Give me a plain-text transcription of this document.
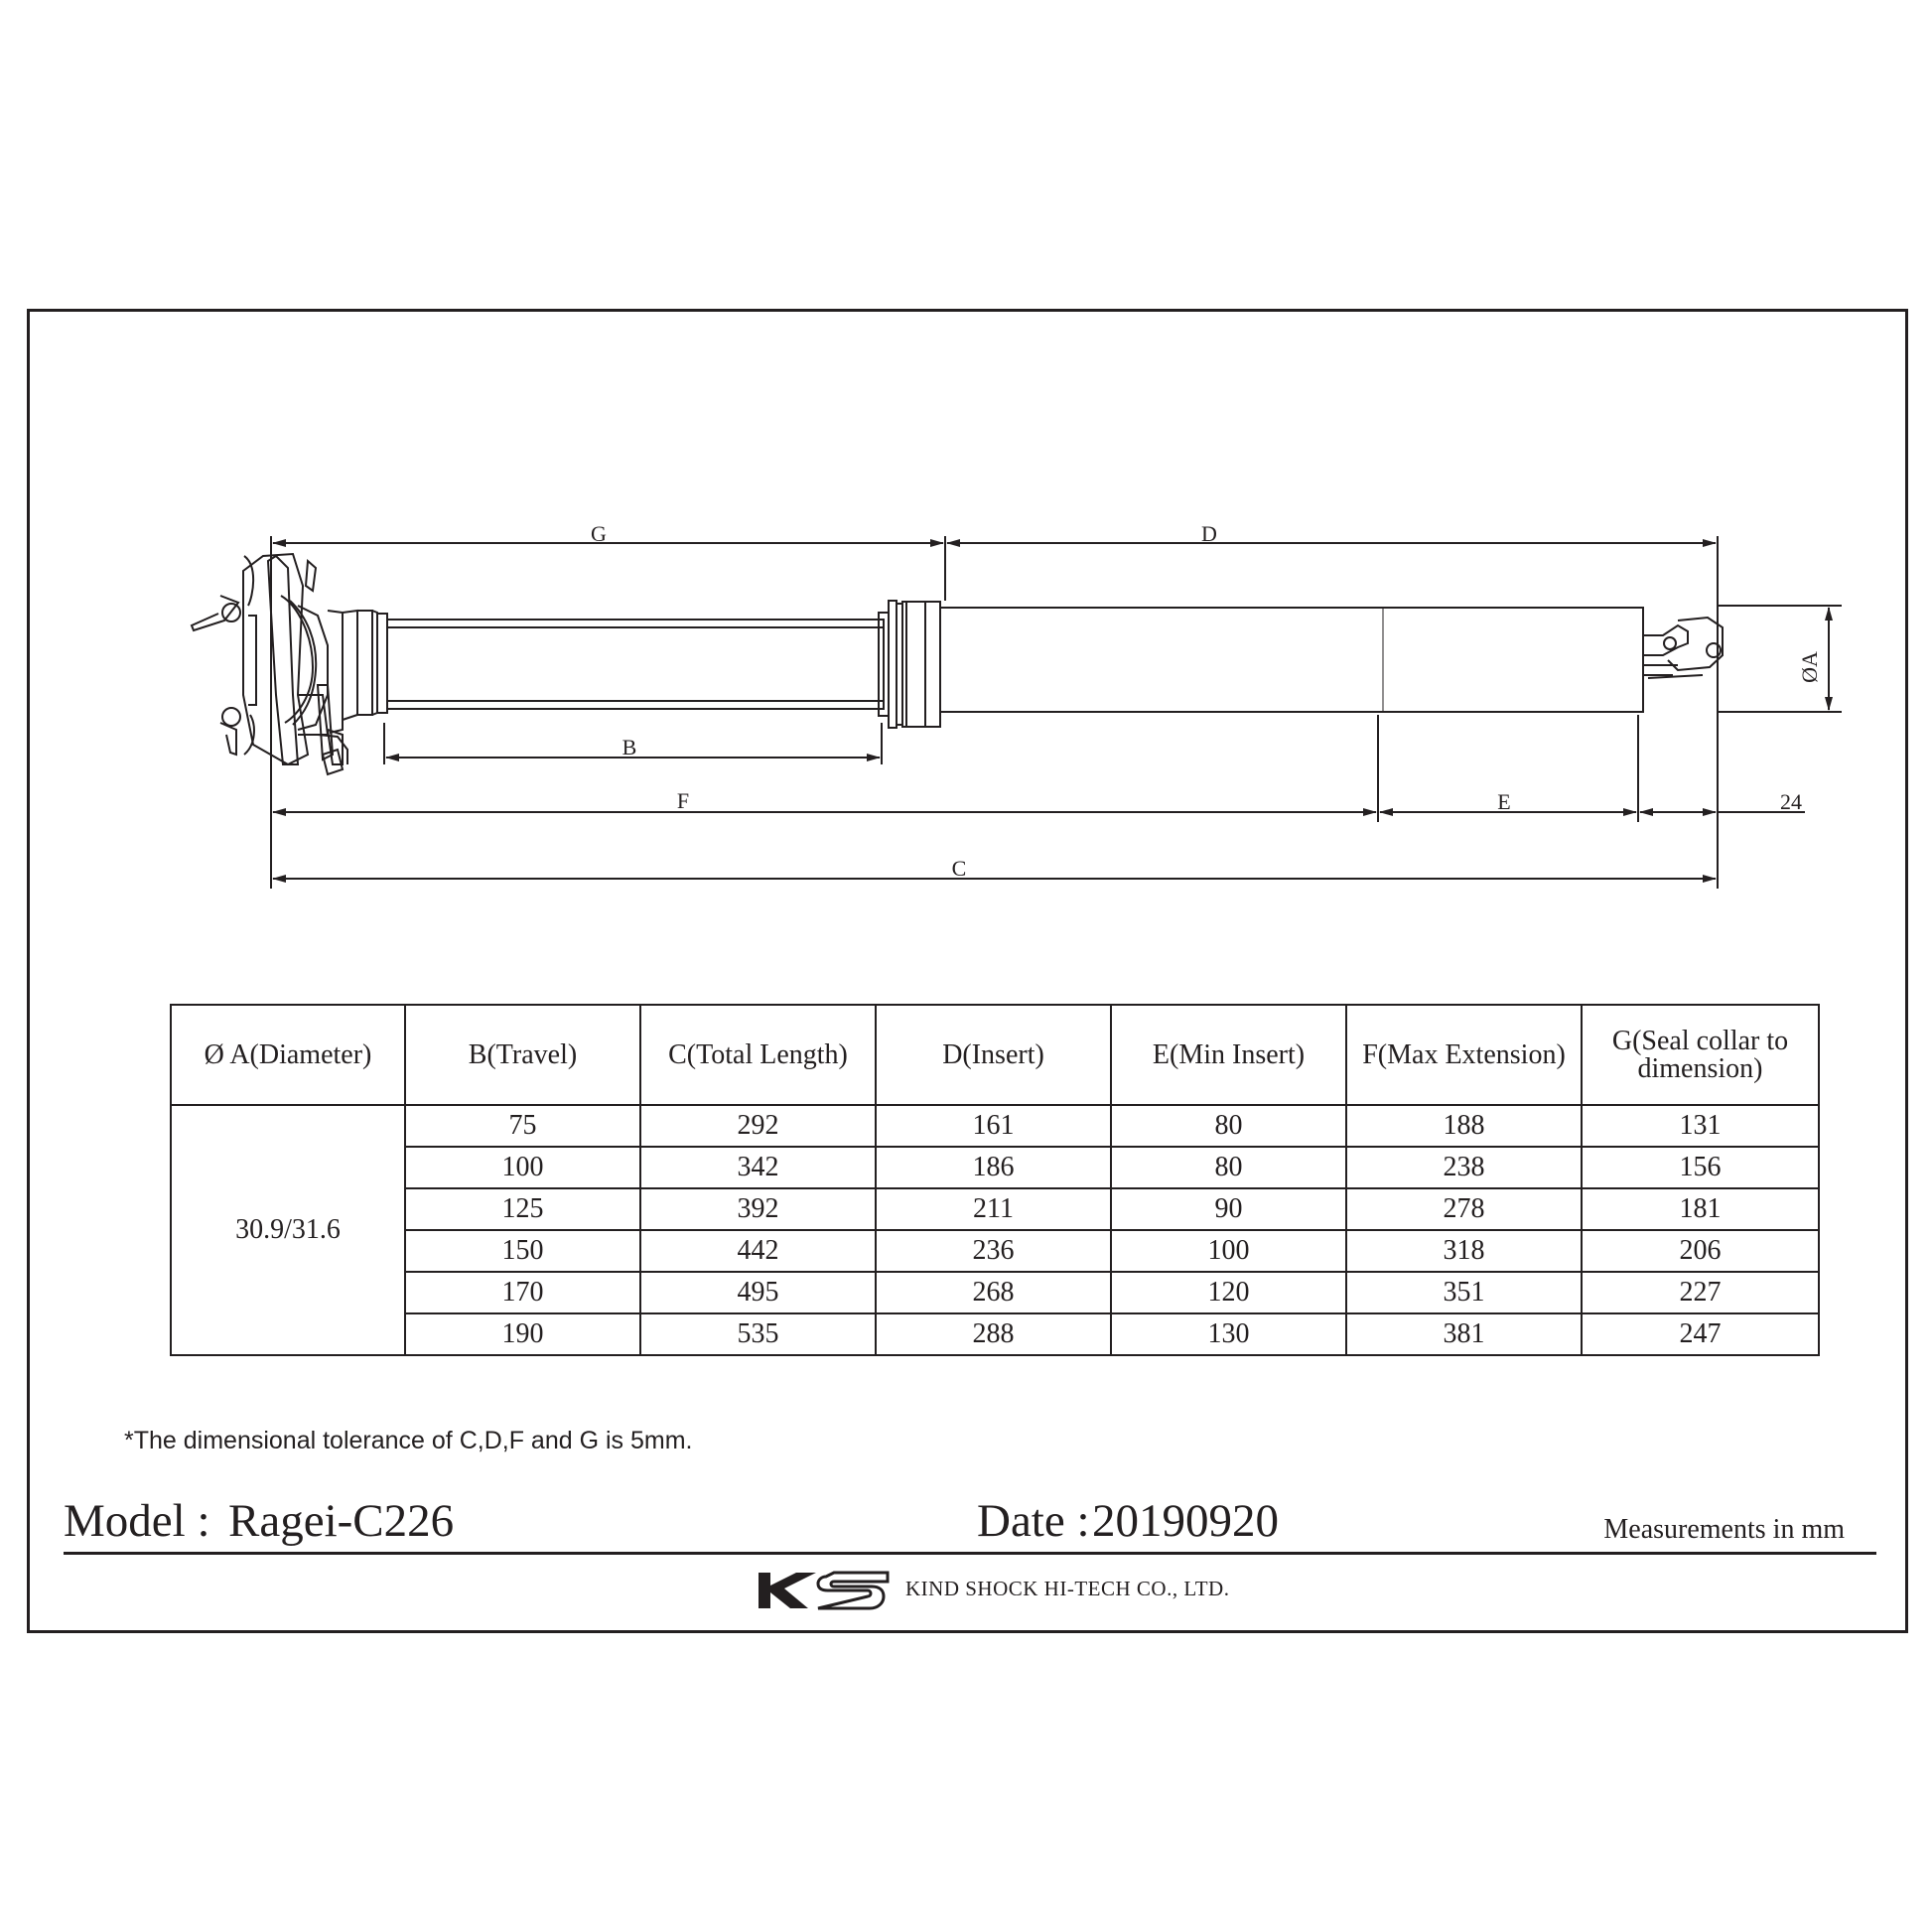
G	D
B
F	E	24
C
ØA
Ø A(Diameter)	B(Travel)	C(Total Length)	D(Insert)	E(Min Insert)	F(Max Extension)	G(Seal collar to dimension)
30.9/31.6	75	292	161	80	188	131
	100	342	186	80	238	156
	125	392	211	90	278	181
	150	442	236	100	318	206
	170	495	268	120	351	227
	190	535	288	130	381	247
*The dimensional tolerance of C,D,F and G is 5mm.
Model : Ragei-C226	Date : 20190920	Measurements in mm
KIND SHOCK HI-TECH CO., LTD.
